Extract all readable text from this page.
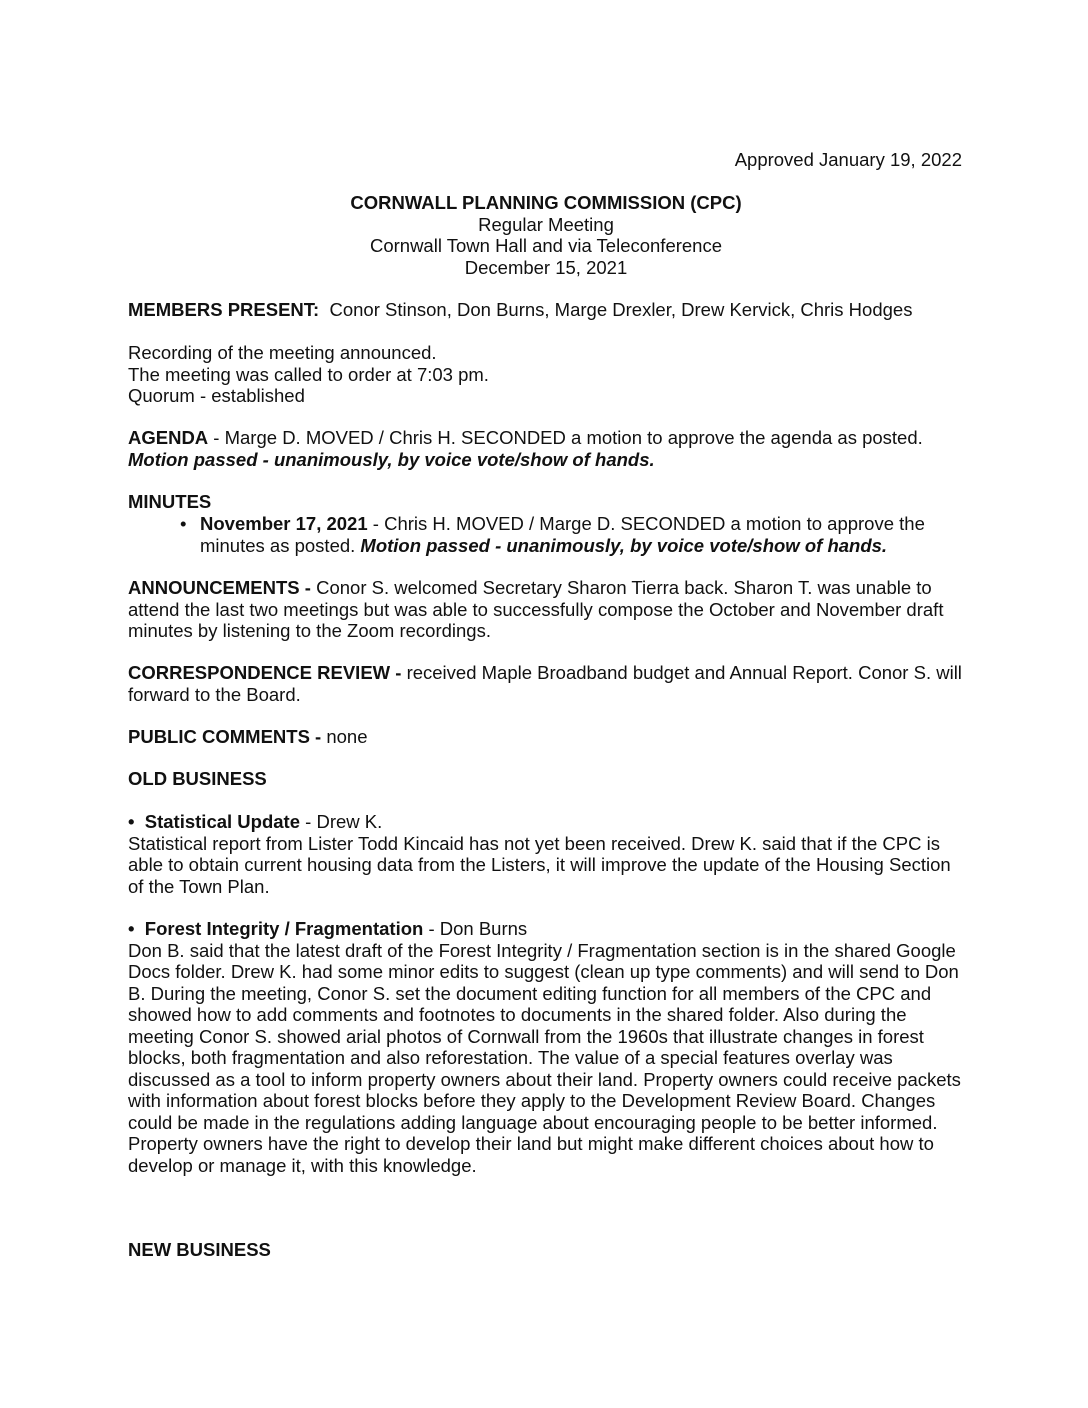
Approved January 19, 2022
CORNWALL PLANNING COMMISSION (CPC)
Regular Meeting
Cornwall Town Hall and via Teleconference
December 15, 2021

MEMBERS PRESENT: Conor Stinson, Don Burns, Marge Drexler, Drew Kervick, Chris Hodges

Recording of the meeting announced.
The meeting was called to order at 7:03 pm.
Quorum - established

AGENDA - Marge D. MOVED / Chris H. SECONDED a motion to approve the agenda as posted. Motion passed - unanimously, by voice vote/show of hands.

MINUTES
• November 17, 2021 - Chris H. MOVED / Marge D. SECONDED a motion to approve the minutes as posted. Motion passed - unanimously, by voice vote/show of hands.

ANNOUNCEMENTS - Conor S. welcomed Secretary Sharon Tierra back. Sharon T. was unable to attend the last two meetings but was able to successfully compose the October and November draft minutes by listening to the Zoom recordings.

CORRESPONDENCE REVIEW - received Maple Broadband budget and Annual Report. Conor S. will forward to the Board.

PUBLIC COMMENTS - none

OLD BUSINESS
• Statistical Update - Drew K.
Statistical report from Lister Todd Kincaid has not yet been received. Drew K. said that if the CPC is able to obtain current housing data from the Listers, it will improve the update of the Housing Section of the Town Plan.
• Forest Integrity / Fragmentation - Don Burns
Don B. said that the latest draft of the Forest Integrity / Fragmentation section is in the shared Google Docs folder. Drew K. had some minor edits to suggest (clean up type comments) and will send to Don B. During the meeting, Conor S. set the document editing function for all members of the CPC and showed how to add comments and footnotes to documents in the shared folder. Also during the meeting Conor S. showed arial photos of Cornwall from the 1960s that illustrate changes in forest blocks, both fragmentation and also reforestation. The value of a special features overlay was discussed as a tool to inform property owners about their land. Property owners could receive packets with information about forest blocks before they apply to the Development Review Board. Changes could be made in the regulations adding language about encouraging people to be better informed. Property owners have the right to develop their land but might make different choices about how to develop or manage it, with this knowledge.
NEW BUSINESS
